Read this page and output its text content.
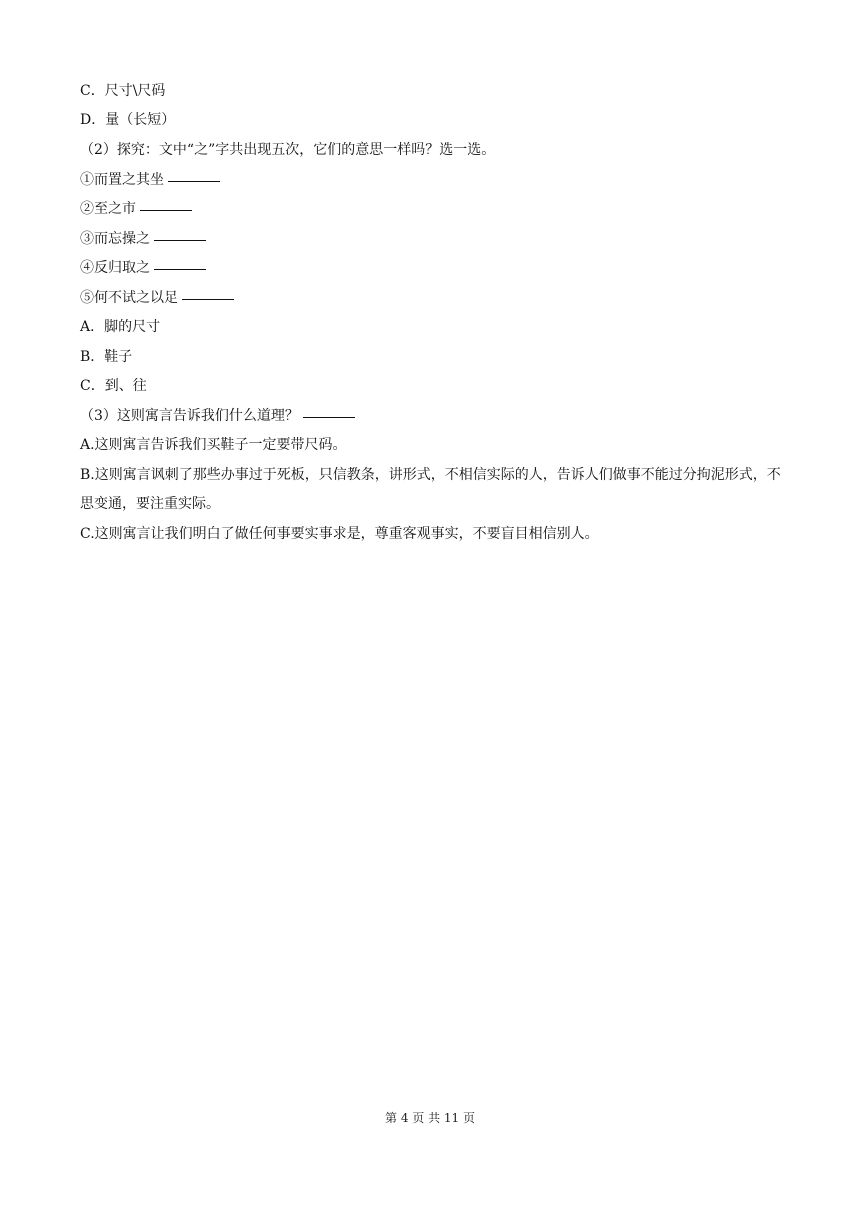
C．尺寸\尺码
D．量（长短）
（2）探究：文中“之”字共出现五次，它们的意思一样吗？选一选。
①而置之其坐
②至之市
③而忘操之
④反归取之
⑤何不试之以足
A．脚的尺寸
B．鞋子
C．到、往
（3）这则寓言告诉我们什么道理？
A.这则寓言告诉我们买鞋子一定要带尺码。
B.这则寓言讽刺了那些办事过于死板，只信教条，讲形式，不相信实际的人，告诉人们做事不能过分拘泥形式，不思变通，要注重实际。
C.这则寓言让我们明白了做任何事要实事求是，尊重客观事实，不要盲目相信别人。
第 4 页 共 11 页
